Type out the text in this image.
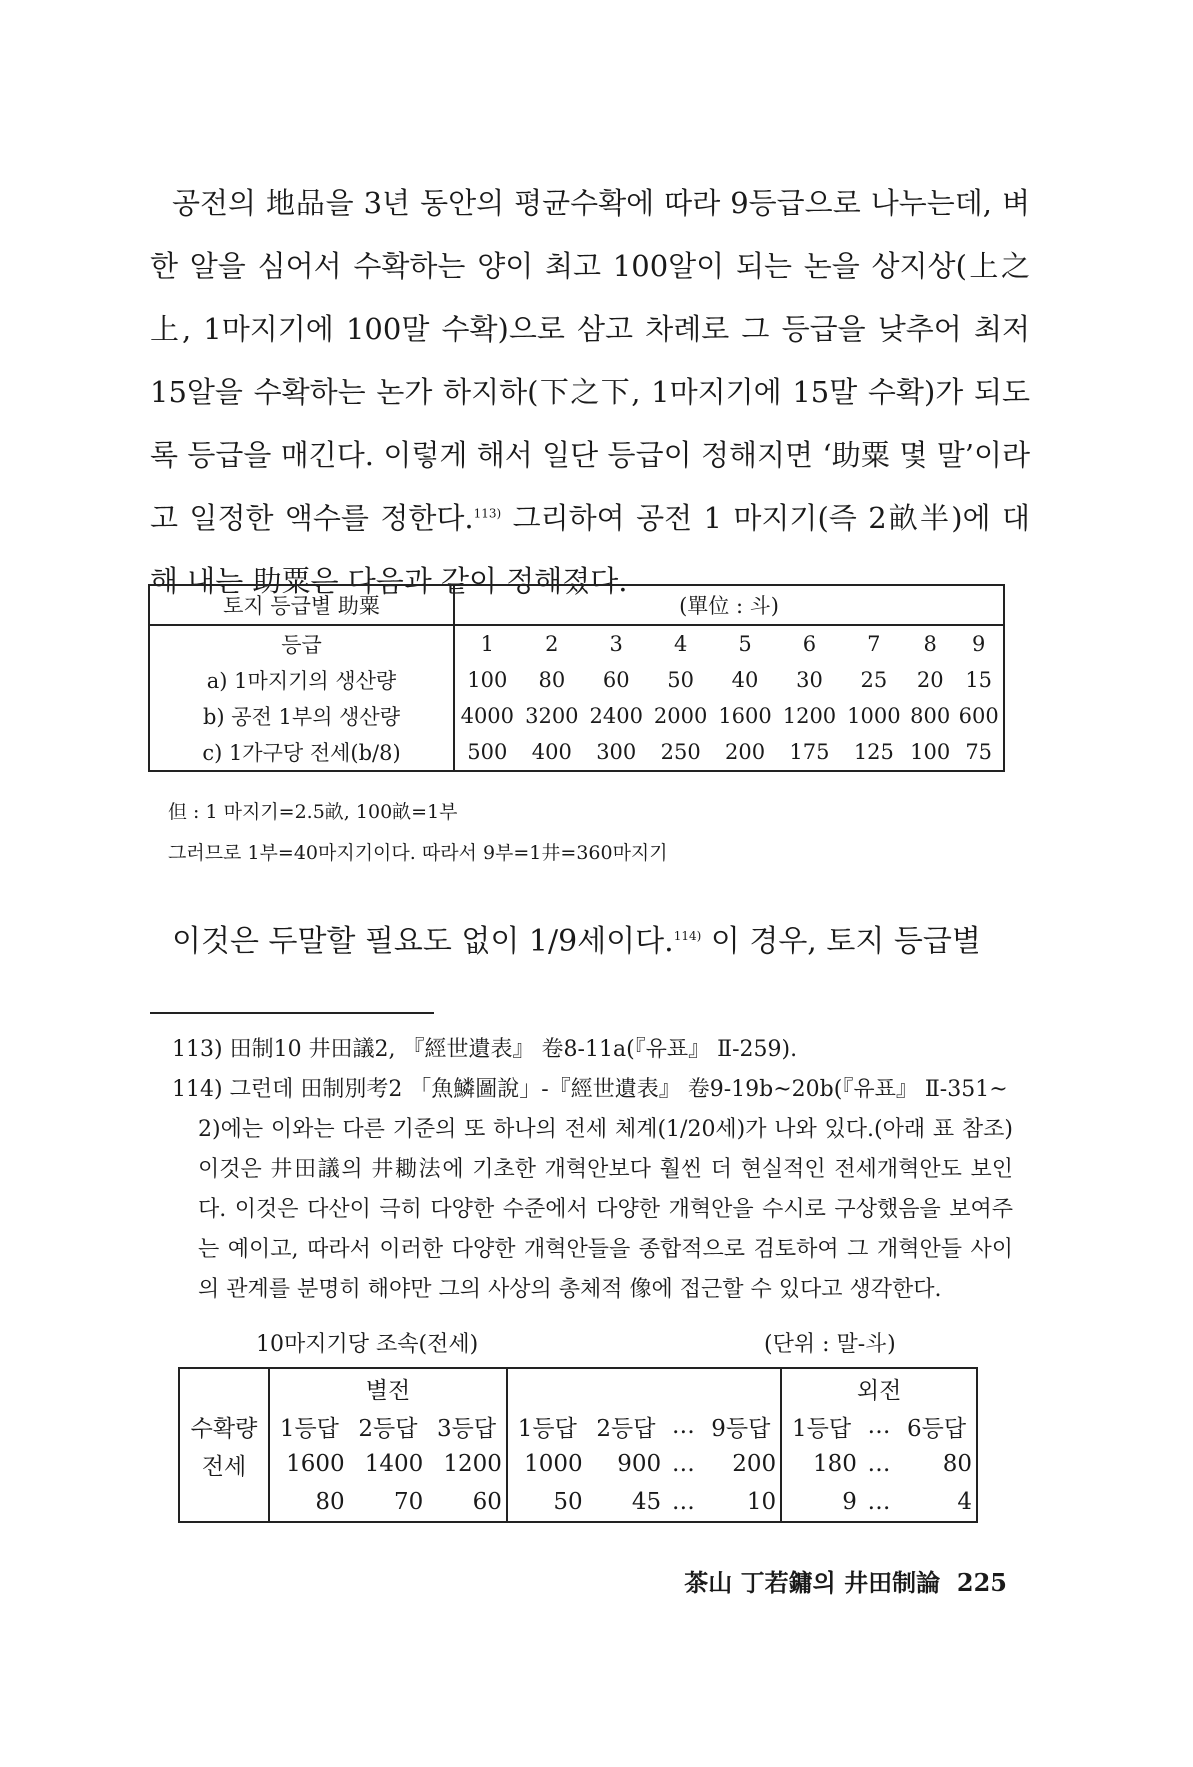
공전의 地品을 3년 동안의 평균수확에 따라 9등급으로 나누는데, 벼 한 알을 심어서 수확하는 양이 최고 100알이 되는 논을 상지상(上之上, 1마지기에 100말 수확)으로 삼고 차례로 그 등급을 낮추어 최저 15알을 수확하는 논가 하지하(下之下, 1마지기에 15말 수확)가 되도록 등급을 매긴다. 이렇게 해서 일단 등급이 정해지면 ‘助粟 몇 말’이라고 일정한 액수를 정한다.$^{113)}$ 그리하여 공전 1 마지기(즉 2畝半)에 대해 내는 助粟은 다음과 같이 정해졌다.
토지 등급별 助粟	(單位 : 斗)								
등급	1	2	3	4	5	6	7	8	9
a) 1마지기의 생산량	100	80	60	50	40	30	25	20	15
b) 공전 1부의 생산량	4000	3200	2400	2000	1600	1200	1000	800	600
c) 1가구당 전세(b/8)	500	400	300	250	200	175	125	100	75
但 : 1 마지기=2.5畝, 100畝=1부
그러므로 1부=40마지기이다. 따라서 9부=1井=360마지기
이것은 두말할 필요도 없이 1/9세이다.$^{114)}$ 이 경우, 토지 등급별
113) 田制10 井田議2, 『經世遺表』 卷8-11a(『유표』 Ⅱ-259).
114) 그런데 田制別考2 「魚鱗圖說」-『經世遺表』 卷9-19b~20b(『유표』 Ⅱ-351~
2)에는 이와는 다른 기준의 또 하나의 전세 체계(1/20세)가 나와 있다.(아래 표 참조) 이것은 井田議의 井耡法에 기초한 개혁안보다 훨씬 더 현실적인 전세개혁안도 보인다. 이것은 다산이 극히 다양한 수준에서 다양한 개혁안을 수시로 구상했음을 보여주는 예이고, 따라서 이러한 다양한 개혁안들을 종합적으로 검토하여 그 개혁안들 사이의 관계를 분명히 해야만 그의 사상의 총체적 像에 접근할 수 있다고 생각한다.
10마지기당 조속(전세)	(단위 : 말-斗)
	별전							외전		
수확량	1등답	2등답	3등답	1등답	2등답	…	9등답	1등답	…	6등답
전세	1600	1400	1200	1000	900	…	200	180	…	80
	80	70	60	50	45	…	10	9	…	4
茶山 丁若鏞의 井田制論 225
